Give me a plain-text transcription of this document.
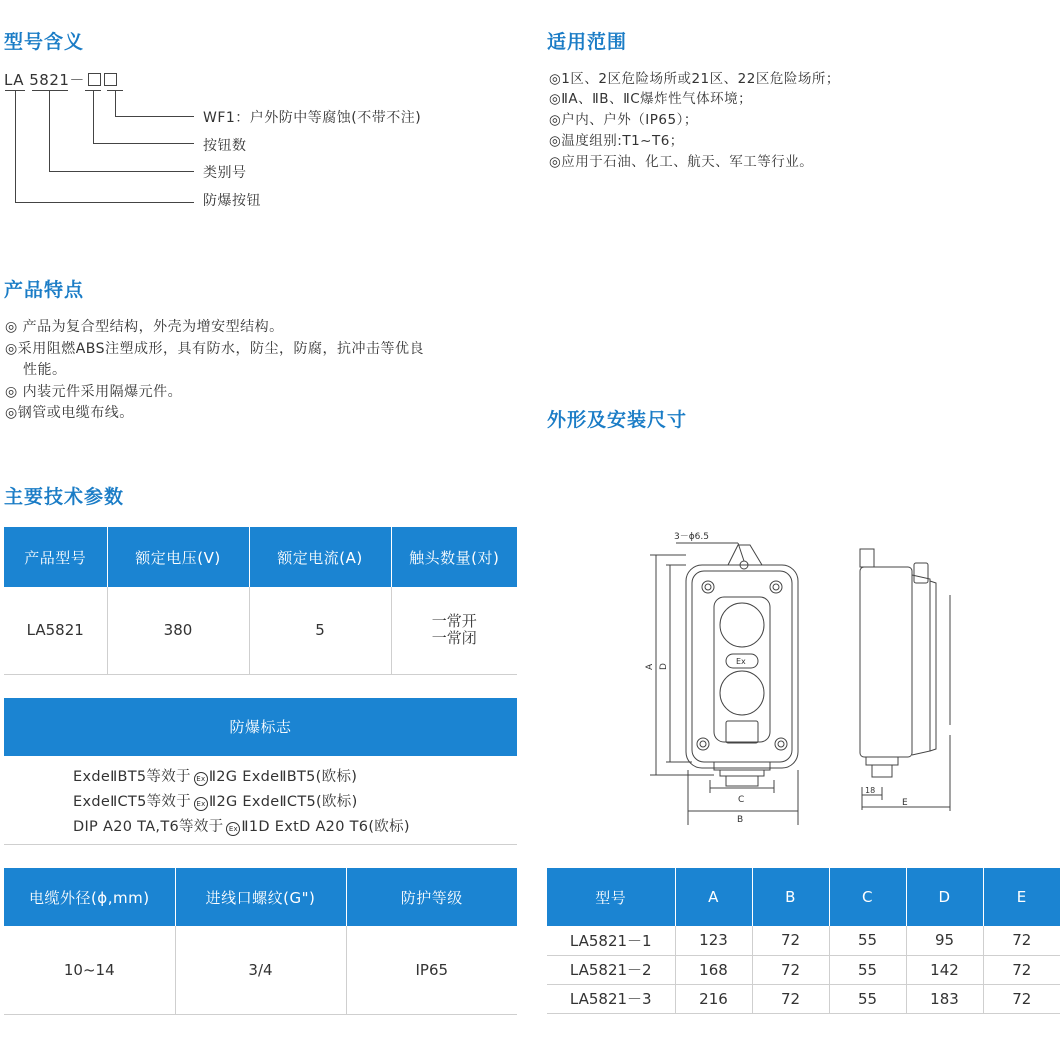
型号含义
LA 5821－
WF1：户外防中等腐蚀(不带不注)
按钮数
类别号
防爆按钮
适用范围
◎1区、2区危险场所或21区、22区危险场所；
◎ⅡA、ⅡB、ⅡC爆炸性气体环境；
◎户内、户外（IP65）；
◎温度组别:T1~T6；
◎应用于石油、化工、航天、军工等行业。
产品特点
◎ 产品为复合型结构，外壳为增安型结构。
◎采用阻燃ABS注塑成形，具有防水，防尘，防腐，抗冲击等优良
性能。
◎ 内装元件采用隔爆元件。
◎钢管或电缆布线。	外形及安装尺寸
3－ϕ6.5
A D
Ex
C
B
18
E
主要技术参数
产品型号	额定电压(V)	额定电流(A)	触头数量(对)
LA5821	380	5	一常开
一常闭
防爆标志
ExdeⅡBT5等效于 Ex Ⅱ2G ExdeⅡBT5(欧标)
ExdeⅡCT5等效于 Ex Ⅱ2G ExdeⅡCT5(欧标)
DIP A20 TA,T6等效于 Ex Ⅱ1D ExtD A20 T6(欧标)
电缆外径(ϕ,mm)	进线口螺纹(G")	防护等级
10~14	3/4	IP65
型号	A	B	C	D	E
LA5821－1	123	72	55	95	72
LA5821－2	168	72	55	142	72
LA5821－3	216	72	55	183	72
